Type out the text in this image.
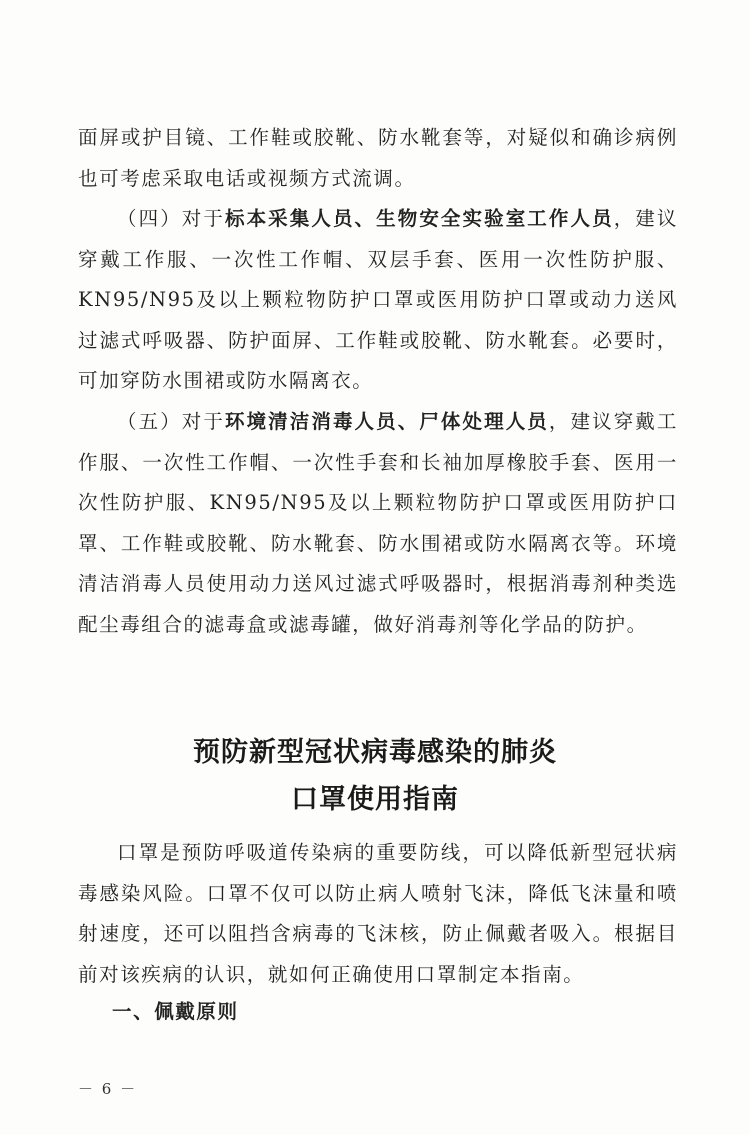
面屏或护目镜、工作鞋或胶靴、防水靴套等，对疑似和确诊病例也可考虑采取电话或视频方式流调。

（四）对于标本采集人员、生物安全实验室工作人员，建议穿戴工作服、一次性工作帽、双层手套、医用一次性防护服、KN95/N95及以上颗粒物防护口罩或医用防护口罩或动力送风过滤式呼吸器、防护面屏、工作鞋或胶靴、防水靴套。必要时，可加穿防水围裙或防水隔离衣。

（五）对于环境清洁消毒人员、尸体处理人员，建议穿戴工作服、一次性工作帽、一次性手套和长袖加厚橡胶手套、医用一次性防护服、KN95/N95及以上颗粒物防护口罩或医用防护口罩、工作鞋或胶靴、防水靴套、防水围裙或防水隔离衣等。环境清洁消毒人员使用动力送风过滤式呼吸器时，根据消毒剂种类选配尘毒组合的滤毒盒或滤毒罐，做好消毒剂等化学品的防护。

预防新型冠状病毒感染的肺炎
口罩使用指南

口罩是预防呼吸道传染病的重要防线，可以降低新型冠状病毒感染风险。口罩不仅可以防止病人喷射飞沫，降低飞沫量和喷射速度，还可以阻挡含病毒的飞沫核，防止佩戴者吸入。根据目前对该疾病的认识，就如何正确使用口罩制定本指南。

一、佩戴原则
－ 6 －
